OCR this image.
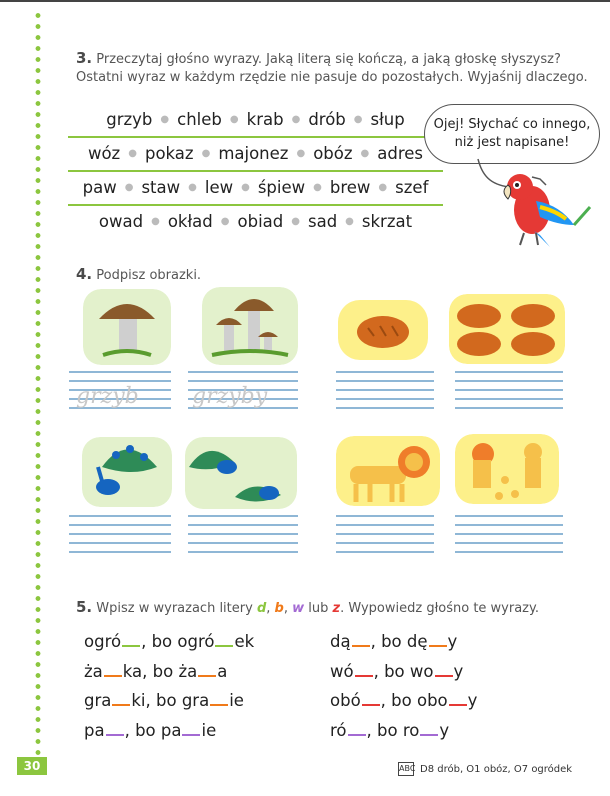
3. Przeczytaj głośno wyrazy. Jaką literą się kończą, a jaką głoskę słyszysz?
Ostatni wyraz w każdym rzędzie nie pasuje do pozostałych. Wyjaśnij dlaczego.
grzyb ● chleb ● krab ● drób ● słup
wóz ● pokaz ● majonez ● obóz ● adres
paw ● staw ● lew ● śpiew ● brew ● szef
owad ● okład ● obiad ● sad ● skrzat
Ojej! Słychać co innego, niż jest napisane!
4. Podpisz obrazki.
grzyb grzyby
5. Wpisz w wyrazach litery d, b, w lub z. Wypowiedz głośno te wyrazy.
30	ABC D8 drób, O1 obóz, O7 ogródek
ogró , bo ogró ek
ża ka, bo ża a
gra ki, bo gra ie
pa , bo pa ie
dą , bo dę y
wó , bo wo y
obó , bo obo y
ró , bo ro y
